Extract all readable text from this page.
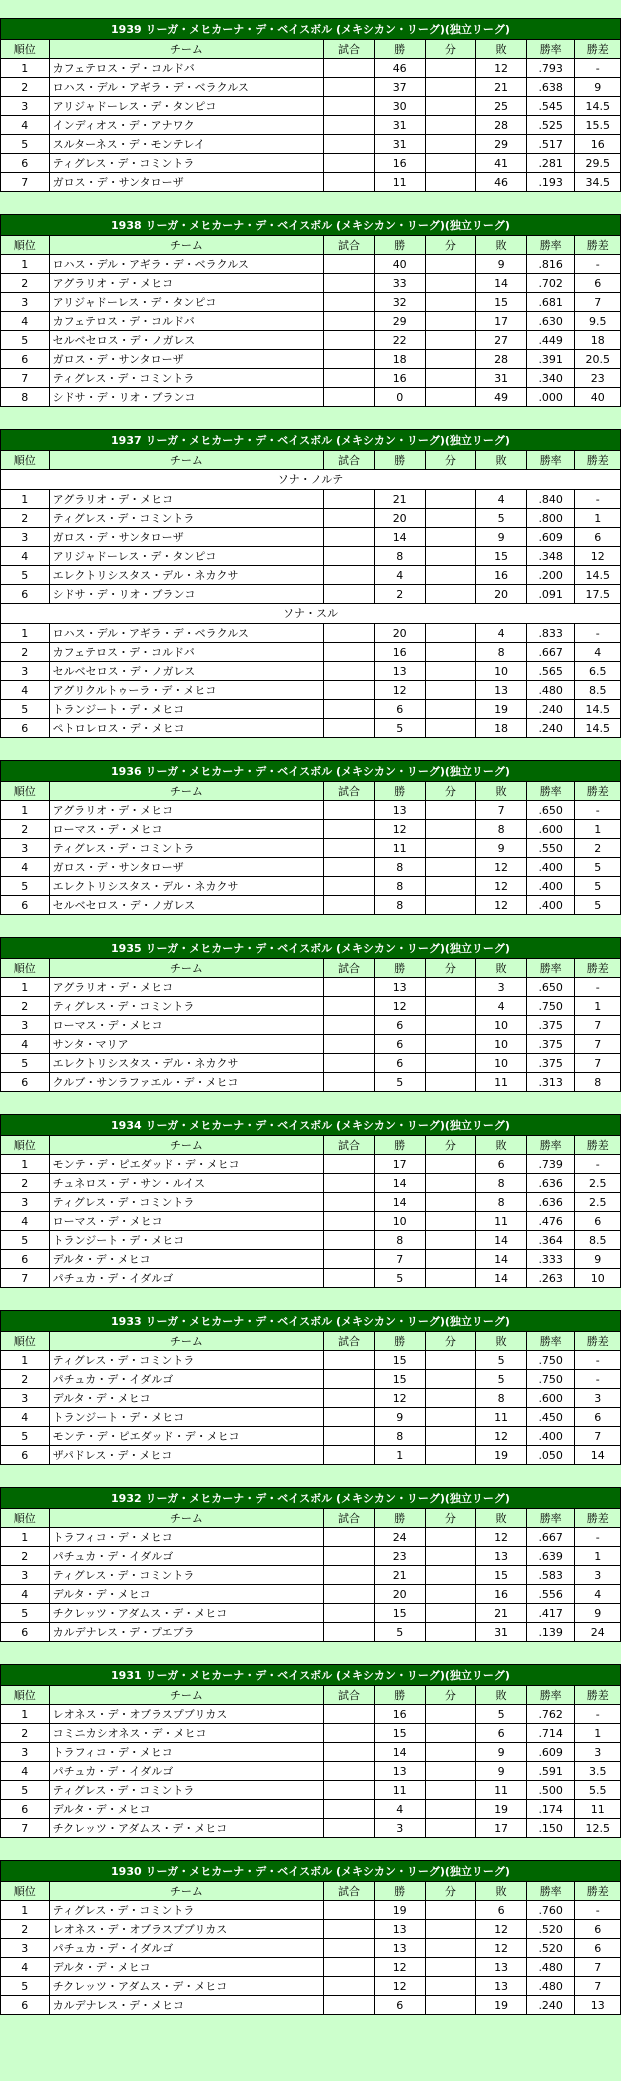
1939 リーガ・メヒカーナ・デ・ベイスボル (メキシカン・リーグ)(独立リーグ)							
順位	チーム	試合	勝	分	敗	勝率	勝差
1	カフェテロス・デ・コルドバ		46		12	.793	-
2	ロハス・デル・アギラ・デ・ベラクルス		37		21	.638	9
3	アリジャドーレス・デ・タンピコ		30		25	.545	14.5
4	インディオス・デ・アナワク		31		28	.525	15.5
5	スルターネス・デ・モンテレイ		31		29	.517	16
6	ティグレス・デ・コミントラ		16		41	.281	29.5
7	ガロス・デ・サンタローザ		11		46	.193	34.5
1938 リーガ・メヒカーナ・デ・ベイスボル (メキシカン・リーグ)(独立リーグ)							
順位	チーム	試合	勝	分	敗	勝率	勝差
1	ロハス・デル・アギラ・デ・ベラクルス		40		9	.816	-
2	アグラリオ・デ・メヒコ		33		14	.702	6
3	アリジャドーレス・デ・タンピコ		32		15	.681	7
4	カフェテロス・デ・コルドバ		29		17	.630	9.5
5	セルベセロス・デ・ノガレス		22		27	.449	18
6	ガロス・デ・サンタローザ		18		28	.391	20.5
7	ティグレス・デ・コミントラ		16		31	.340	23
8	シドサ・デ・リオ・ブランコ		0		49	.000	40
1937 リーガ・メヒカーナ・デ・ベイスボル (メキシカン・リーグ)(独立リーグ)							
順位	チーム	試合	勝	分	敗	勝率	勝差
ソナ・ノルテ							
1	アグラリオ・デ・メヒコ		21		4	.840	-
2	ティグレス・デ・コミントラ		20		5	.800	1
3	ガロス・デ・サンタローザ		14		9	.609	6
4	アリジャドーレス・デ・タンピコ		8		15	.348	12
5	エレクトリシスタス・デル・ネカクサ		4		16	.200	14.5
6	シドサ・デ・リオ・ブランコ		2		20	.091	17.5
ソナ・スル							
1	ロハス・デル・アギラ・デ・ベラクルス		20		4	.833	-
2	カフェテロス・デ・コルドバ		16		8	.667	4
3	セルベセロス・デ・ノガレス		13		10	.565	6.5
4	アグリクルトゥーラ・デ・メヒコ		12		13	.480	8.5
5	トランジート・デ・メヒコ		6		19	.240	14.5
6	ペトロレロス・デ・メヒコ		5		18	.240	14.5
1936 リーガ・メヒカーナ・デ・ベイスボル (メキシカン・リーグ)(独立リーグ)							
順位	チーム	試合	勝	分	敗	勝率	勝差
1	アグラリオ・デ・メヒコ		13		7	.650	-
2	ローマス・デ・メヒコ		12		8	.600	1
3	ティグレス・デ・コミントラ		11		9	.550	2
4	ガロス・デ・サンタローザ		8		12	.400	5
5	エレクトリシスタス・デル・ネカクサ		8		12	.400	5
6	セルベセロス・デ・ノガレス		8		12	.400	5
1935 リーガ・メヒカーナ・デ・ベイスボル (メキシカン・リーグ)(独立リーグ)							
順位	チーム	試合	勝	分	敗	勝率	勝差
1	アグラリオ・デ・メヒコ		13		3	.650	-
2	ティグレス・デ・コミントラ		12		4	.750	1
3	ローマス・デ・メヒコ		6		10	.375	7
4	サンタ・マリア		6		10	.375	7
5	エレクトリシスタス・デル・ネカクサ		6		10	.375	7
6	クルブ・サンラファエル・デ・メヒコ		5		11	.313	8
1934 リーガ・メヒカーナ・デ・ベイスボル (メキシカン・リーグ)(独立リーグ)							
順位	チーム	試合	勝	分	敗	勝率	勝差
1	モンテ・デ・ピエダッド・デ・メヒコ		17		6	.739	-
2	チュネロス・デ・サン・ルイス		14		8	.636	2.5
3	ティグレス・デ・コミントラ		14		8	.636	2.5
4	ローマス・デ・メヒコ		10		11	.476	6
5	トランジート・デ・メヒコ		8		14	.364	8.5
6	デルタ・デ・メヒコ		7		14	.333	9
7	パチュカ・デ・イダルゴ		5		14	.263	10
1933 リーガ・メヒカーナ・デ・ベイスボル (メキシカン・リーグ)(独立リーグ)							
順位	チーム	試合	勝	分	敗	勝率	勝差
1	ティグレス・デ・コミントラ		15		5	.750	-
2	パチュカ・デ・イダルゴ		15		5	.750	-
3	デルタ・デ・メヒコ		12		8	.600	3
4	トランジート・デ・メヒコ		9		11	.450	6
5	モンテ・デ・ピエダッド・デ・メヒコ		8		12	.400	7
6	ザパドレス・デ・メヒコ		1		19	.050	14
1932 リーガ・メヒカーナ・デ・ベイスボル (メキシカン・リーグ)(独立リーグ)							
順位	チーム	試合	勝	分	敗	勝率	勝差
1	トラフィコ・デ・メヒコ		24		12	.667	-
2	パチュカ・デ・イダルゴ		23		13	.639	1
3	ティグレス・デ・コミントラ		21		15	.583	3
4	デルタ・デ・メヒコ		20		16	.556	4
5	チクレッツ・アダムス・デ・メヒコ		15		21	.417	9
6	カルデナレス・デ・プエブラ		5		31	.139	24
1931 リーガ・メヒカーナ・デ・ベイスボル (メキシカン・リーグ)(独立リーグ)							
順位	チーム	試合	勝	分	敗	勝率	勝差
1	レオネス・デ・オブラスプブリカス		16		5	.762	-
2	コミニカシオネス・デ・メヒコ		15		6	.714	1
3	トラフィコ・デ・メヒコ		14		9	.609	3
4	パチュカ・デ・イダルゴ		13		9	.591	3.5
5	ティグレス・デ・コミントラ		11		11	.500	5.5
6	デルタ・デ・メヒコ		4		19	.174	11
7	チクレッツ・アダムス・デ・メヒコ		3		17	.150	12.5
1930 リーガ・メヒカーナ・デ・ベイスボル (メキシカン・リーグ)(独立リーグ)							
順位	チーム	試合	勝	分	敗	勝率	勝差
1	ティグレス・デ・コミントラ		19		6	.760	-
2	レオネス・デ・オブラスプブリカス		13		12	.520	6
3	パチュカ・デ・イダルゴ		13		12	.520	6
4	デルタ・デ・メヒコ		12		13	.480	7
5	チクレッツ・アダムス・デ・メヒコ		12		13	.480	7
6	カルデナレス・デ・メヒコ		6		19	.240	13
